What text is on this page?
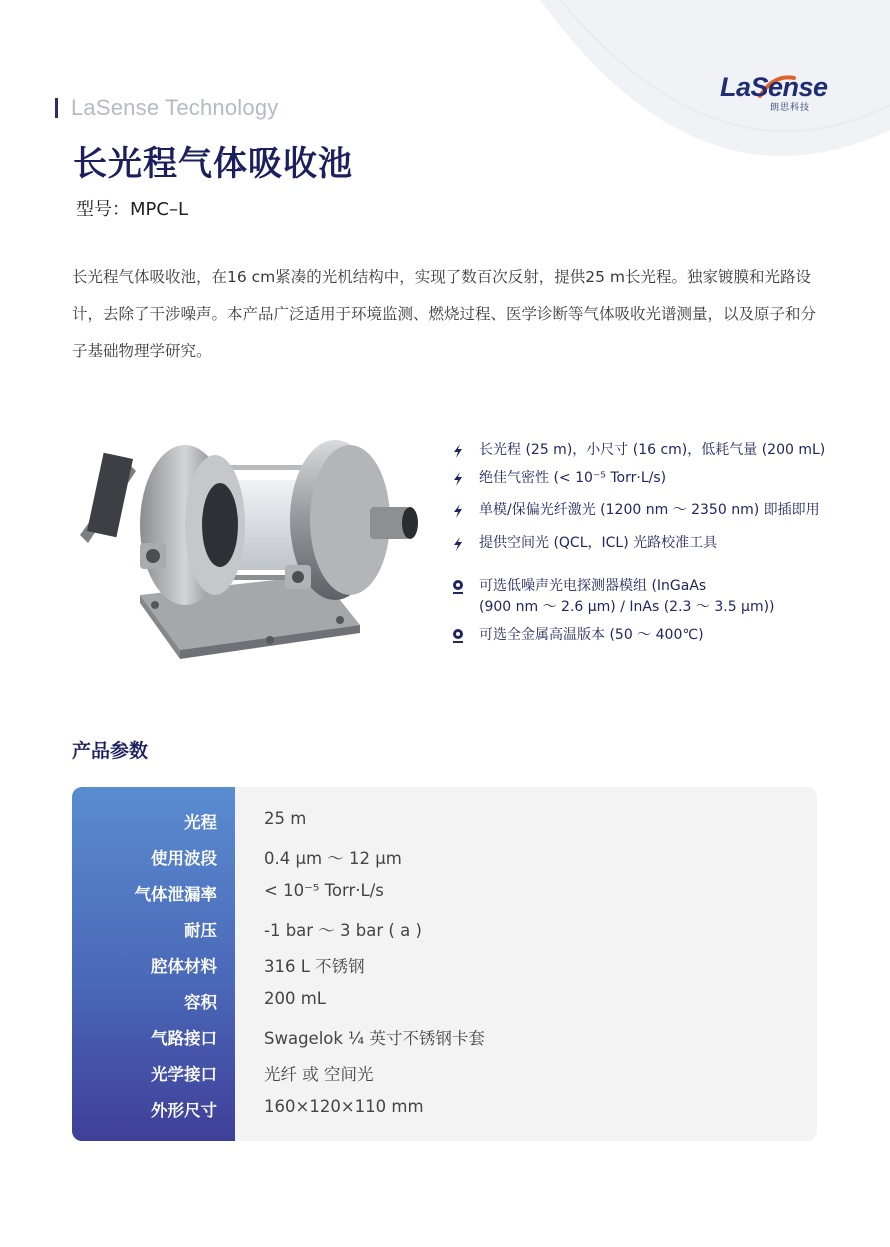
LaSense Technology
LaSense
朗思科技
长光程气体吸收池
型号：MPC–L
长光程气体吸收池，在16 cm紧凑的光机结构中，实现了数百次反射，提供25 m长光程。独家镀膜和光路设计，去除了干涉噪声。本产品广泛适用于环境监测、燃烧过程、医学诊断等气体吸收光谱测量，以及原子和分子基础物理学研究。
长光程 (25 m)，小尺寸 (16 cm)，低耗气量 (200 mL)
绝佳气密性 (< 10⁻⁵ Torr·L/s)
单模/保偏光纤激光 (1200 nm ～ 2350 nm) 即插即用
提供空间光 (QCL，ICL) 光路校准工具
可选低噪声光电探测器模组 (InGaAs
(900 nm ～ 2.6 μm) / InAs (2.3 ～ 3.5 μm))
可选全金属高温版本 (50 ～ 400℃)
产品参数
光程	25 m
使用波段	0.4 μm ～ 12 μm
气体泄漏率	< 10⁻⁵ Torr·L/s
耐压	-1 bar ～ 3 bar ( a )
腔体材料	316 L 不锈钢
容积	200 mL
气路接口	Swagelok ¼ 英寸不锈钢卡套
光学接口	光纤 或 空间光
外形尺寸	160×120×110 mm
